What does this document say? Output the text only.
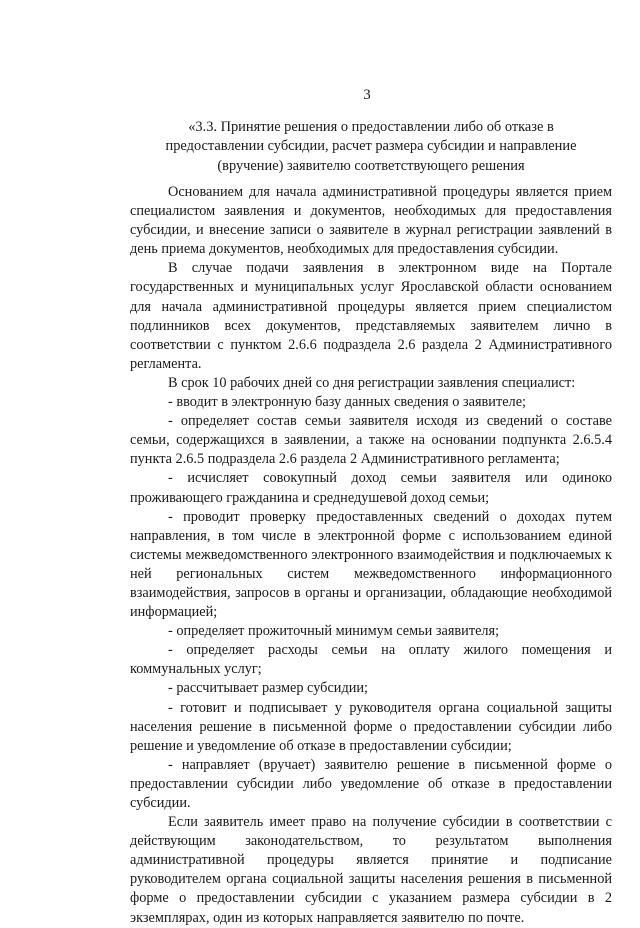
3
«3.3. Принятие решения о предоставлении либо об отказе в предоставлении субсидии, расчет размера субсидии и направление (вручение) заявителю соответствующего решения

Основанием для начала административной процедуры является прием специалистом заявления и документов, необходимых для предоставления субсидии, и внесение записи о заявителе в журнал регистрации заявлений в день приема документов, необходимых для предоставления субсидии.

В случае подачи заявления в электронном виде на Портале государственных и муниципальных услуг Ярославской области основанием для начала административной процедуры является прием специалистом подлинников всех документов, представляемых заявителем лично в соответствии с пунктом 2.6.6 подраздела 2.6 раздела 2 Административного регламента.

В срок 10 рабочих дней со дня регистрации заявления специалист:

- вводит в электронную базу данных сведения о заявителе;

- определяет состав семьи заявителя исходя из сведений о составе семьи, содержащихся в заявлении, а также на основании подпункта 2.6.5.4 пункта 2.6.5 подраздела 2.6 раздела 2 Административного регламента;

- исчисляет совокупный доход семьи заявителя или одиноко проживающего гражданина и среднедушевой доход семьи;

- проводит проверку предоставленных сведений о доходах путем направления, в том числе в электронной форме с использованием единой системы межведомственного электронного взаимодействия и подключаемых к ней региональных систем межведомственного информационного взаимодействия, запросов в органы и организации, обладающие необходимой информацией;

- определяет прожиточный минимум семьи заявителя;

- определяет расходы семьи на оплату жилого помещения и коммунальных услуг;

- рассчитывает размер субсидии;

- готовит и подписывает у руководителя органа социальной защиты населения решение в письменной форме о предоставлении субсидии либо решение и уведомление об отказе в предоставлении субсидии;

- направляет (вручает) заявителю решение в письменной форме о предоставлении субсидии либо уведомление об отказе в предоставлении субсидии.

Если заявитель имеет право на получение субсидии в соответствии с действующим законодательством, то результатом выполнения административной процедуры является принятие и подписание руководителем органа социальной защиты населения решения в письменной форме о предоставлении субсидии с указанием размера субсидии в 2 экземплярах, один из которых направляется заявителю по почте.
